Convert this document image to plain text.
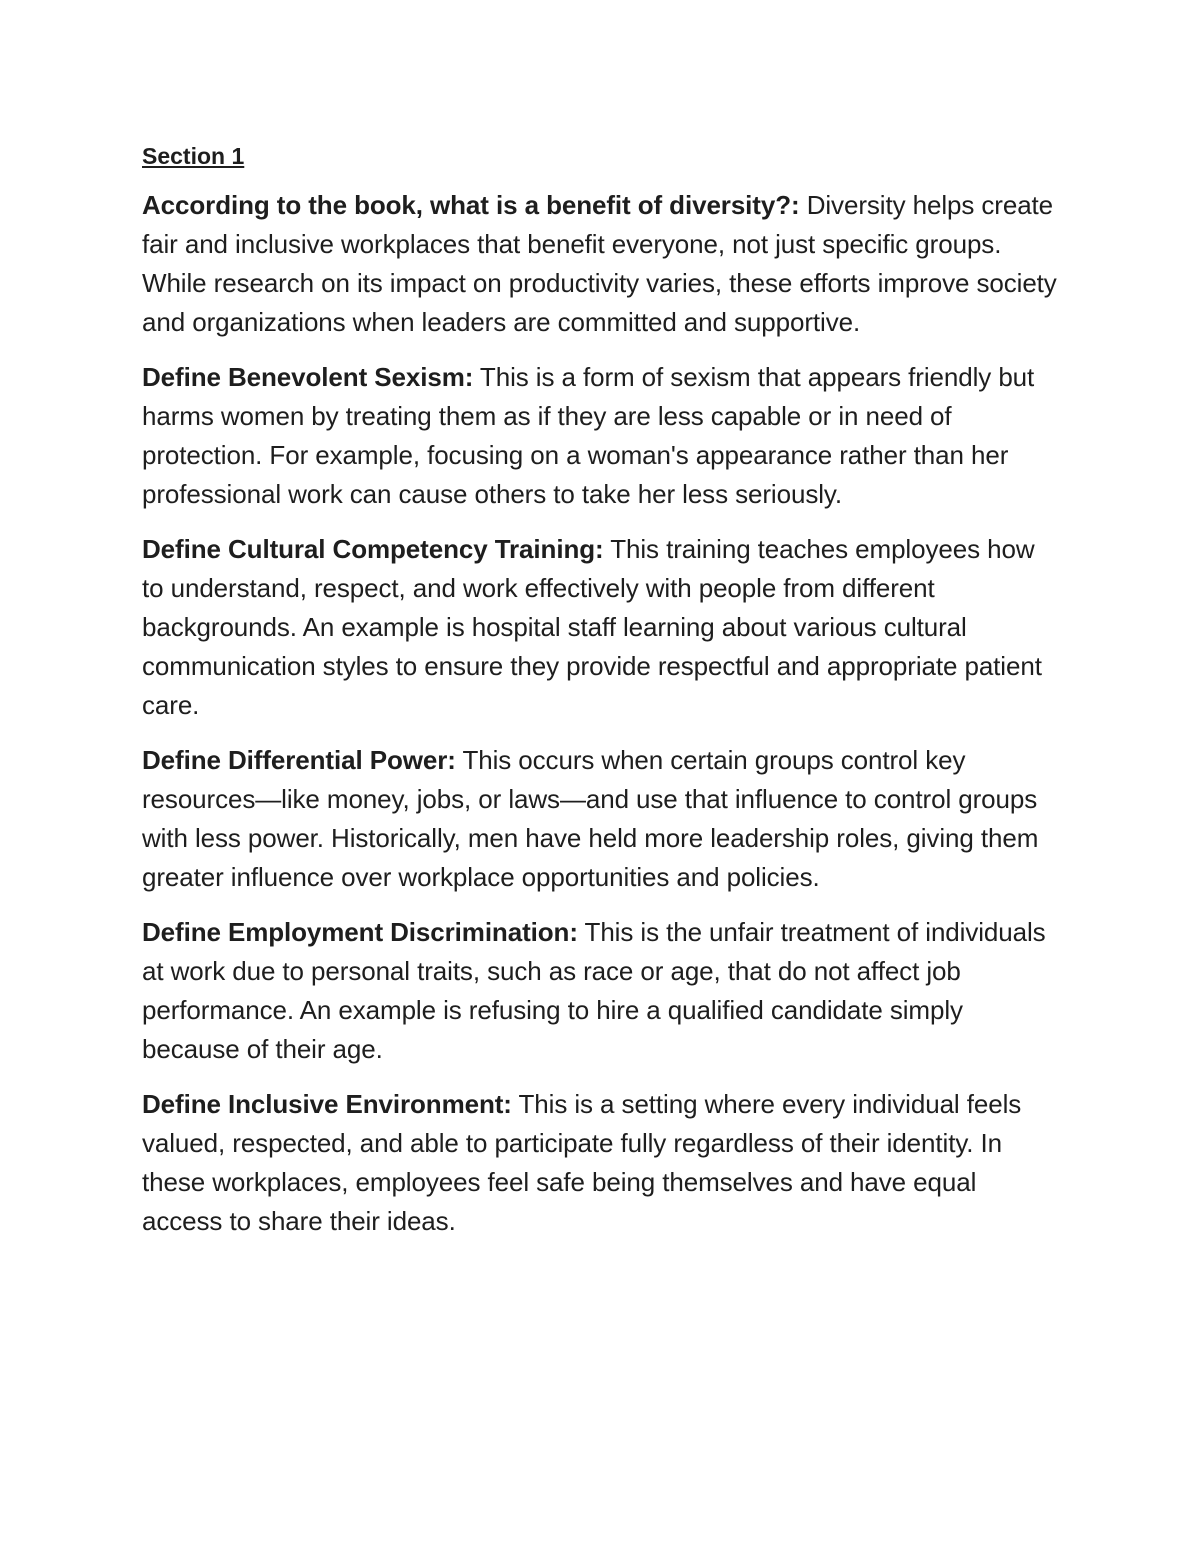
Section 1

According to the book, what is a benefit of diversity?: Diversity helps create fair and inclusive workplaces that benefit everyone, not just specific groups. While research on its impact on productivity varies, these efforts improve society and organizations when leaders are committed and supportive.

Define Benevolent Sexism: This is a form of sexism that appears friendly but harms women by treating them as if they are less capable or in need of protection. For example, focusing on a woman's appearance rather than her professional work can cause others to take her less seriously.

Define Cultural Competency Training: This training teaches employees how to understand, respect, and work effectively with people from different backgrounds. An example is hospital staff learning about various cultural communication styles to ensure they provide respectful and appropriate patient care.

Define Differential Power: This occurs when certain groups control key resources—like money, jobs, or laws—and use that influence to control groups with less power. Historically, men have held more leadership roles, giving them greater influence over workplace opportunities and policies.

Define Employment Discrimination: This is the unfair treatment of individuals at work due to personal traits, such as race or age, that do not affect job performance. An example is refusing to hire a qualified candidate simply because of their age.

Define Inclusive Environment: This is a setting where every individual feels valued, respected, and able to participate fully regardless of their identity. In these workplaces, employees feel safe being themselves and have equal access to share their ideas.
